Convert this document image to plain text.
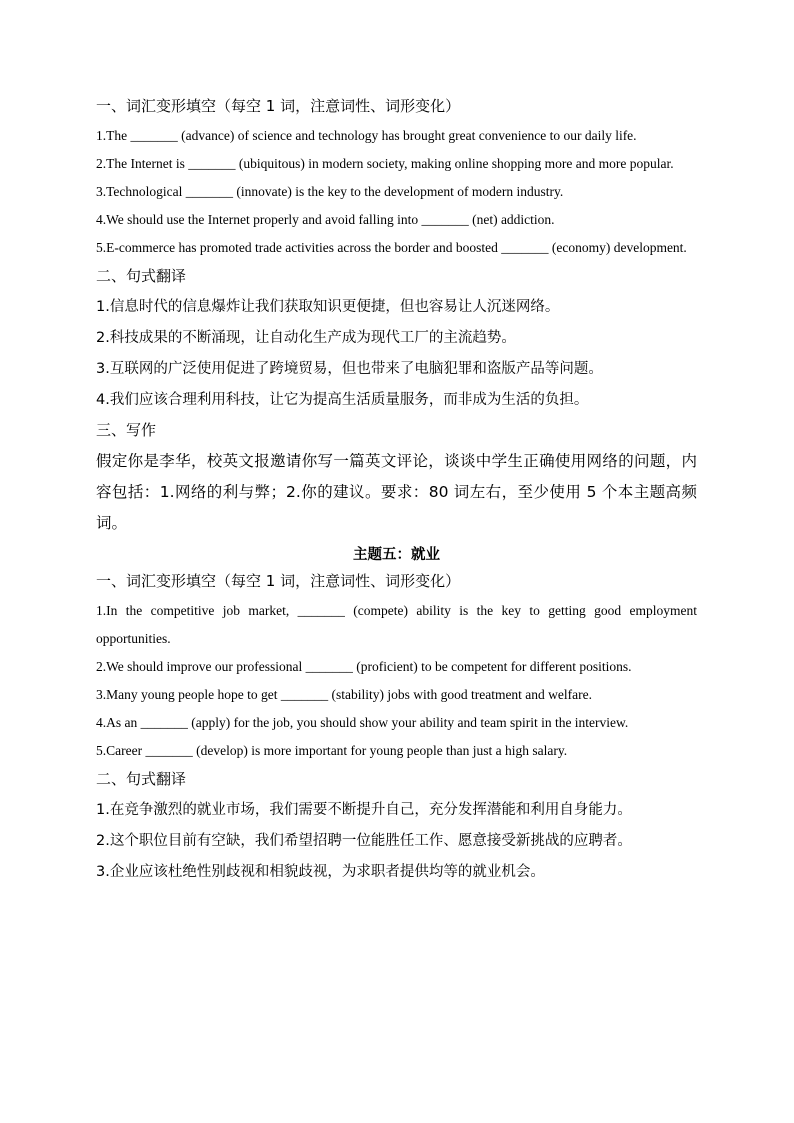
一、词汇变形填空（每空 1 词，注意词性、词形变化）

1.The _______ (advance) of science and technology has brought great convenience to our daily life.

2.The Internet is _______ (ubiquitous) in modern society, making online shopping more and more popular.

3.Technological _______ (innovate) is the key to the development of modern industry.

4.We should use the Internet properly and avoid falling into _______ (net) addiction.

5.E-commerce has promoted trade activities across the border and boosted _______ (economy) development.

二、句式翻译

1.信息时代的信息爆炸让我们获取知识更便捷，但也容易让人沉迷网络。

2.科技成果的不断涌现，让自动化生产成为现代工厂的主流趋势。

3.互联网的广泛使用促进了跨境贸易，但也带来了电脑犯罪和盗版产品等问题。

4.我们应该合理利用科技，让它为提高生活质量服务，而非成为生活的负担。

三、写作

假定你是李华，校英文报邀请你写一篇英文评论，谈谈中学生正确使用网络的问题，内容包括：1.网络的利与弊；2.你的建议。要求：80 词左右，至少使用 5 个本主题高频词。

主题五：就业

一、词汇变形填空（每空 1 词，注意词性、词形变化）

1.In the competitive job market, _______ (compete) ability is the key to getting good employment opportunities.

2.We should improve our professional _______ (proficient) to be competent for different positions.

3.Many young people hope to get _______ (stability) jobs with good treatment and welfare.

4.As an _______ (apply) for the job, you should show your ability and team spirit in the interview.

5.Career _______ (develop) is more important for young people than just a high salary.

二、句式翻译

1.在竞争激烈的就业市场，我们需要不断提升自己，充分发挥潜能和利用自身能力。

2.这个职位目前有空缺，我们希望招聘一位能胜任工作、愿意接受新挑战的应聘者。

3.企业应该杜绝性别歧视和相貌歧视，为求职者提供均等的就业机会。
